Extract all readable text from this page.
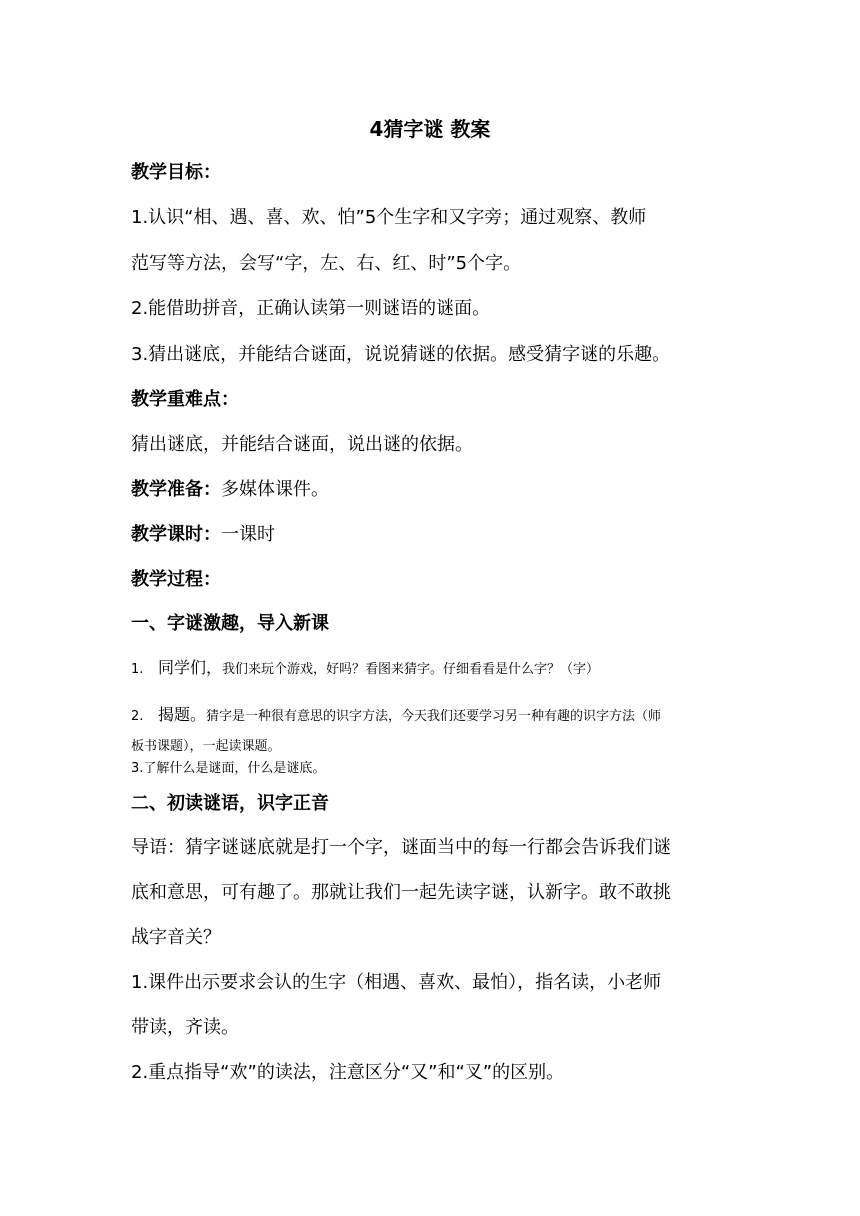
4猜字谜 教案
教学目标：
1.认识“相、遇、喜、欢、怕”5个生字和又字旁；通过观察、教师
范写等方法，会写“字，左、右、红、时”5个字。
2.能借助拼音，正确认读第一则谜语的谜面。
3.猜出谜底，并能结合谜面，说说猜谜的依据。感受猜字谜的乐趣。
教学重难点：
猜出谜底，并能结合谜面，说出谜的依据。
教学准备：多媒体课件。
教学课时：一课时
教学过程：
一、字谜激趣，导入新课
1. 同学们，我们来玩个游戏，好吗？看图来猜字。仔细看看是什么字？（字）
2. 揭题。猜字是一种很有意思的识字方法，今天我们还要学习另一种有趣的识字方法（师
板书课题），一起读课题。
3.了解什么是谜面，什么是谜底。
二、初读谜语，识字正音
导语：猜字谜谜底就是打一个字，谜面当中的每一行都会告诉我们谜
底和意思，可有趣了。那就让我们一起先读字谜，认新字。敢不敢挑
战字音关？
1.课件出示要求会认的生字（相遇、喜欢、最怕），指名读，小老师
带读，齐读。
2.重点指导“欢”的读法，注意区分“又”和“叉”的区别。
